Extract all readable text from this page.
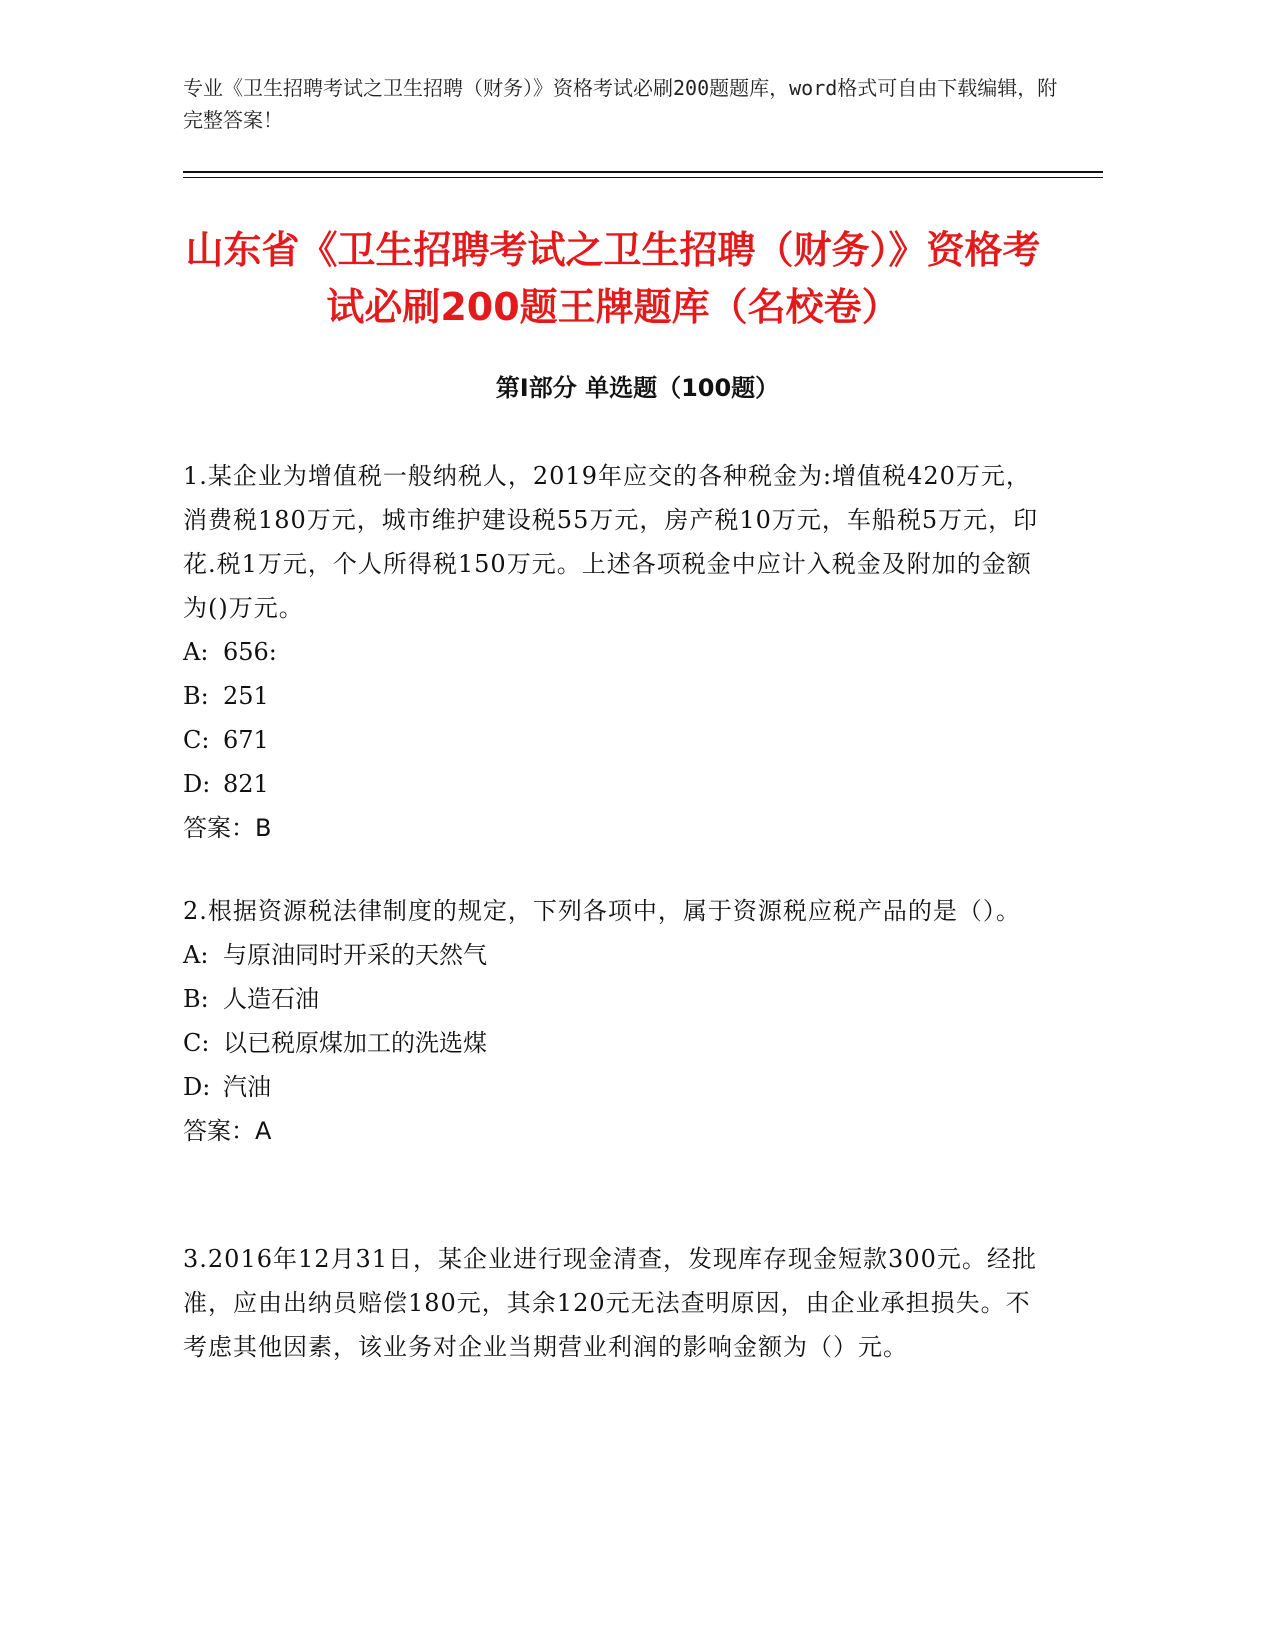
专业《卫生招聘考试之卫生招聘（财务）》资格考试必刷200题题库，word格式可自由下载编辑，附完整答案！
山东省《卫生招聘考试之卫生招聘（财务）》资格考试必刷200题王牌题库（名校卷）
第Ⅰ部分 单选题（100题）

1.某企业为增值税一般纳税人，2019年应交的各种税金为:增值税420万元，消费税180万元，城市维护建设税55万元，房产税10万元，车船税5万元，印花.税1万元，个人所得税150万元。上述各项税金中应计入税金及附加的金额为()万元。

A: 656:

B: 251

C: 671

D: 821

答案：B

2.根据资源税法律制度的规定，下列各项中，属于资源税应税产品的是（）。

A: 与原油同时开采的天然气

B: 人造石油

C: 以已税原煤加工的洗选煤

D: 汽油

答案：A

3.2016年12月31日，某企业进行现金清查，发现库存现金短款300元。经批准，应由出纳员赔偿180元，其余120元无法查明原因，由企业承担损失。不考虑其他因素，该业务对企业当期营业利润的影响金额为（）元。
